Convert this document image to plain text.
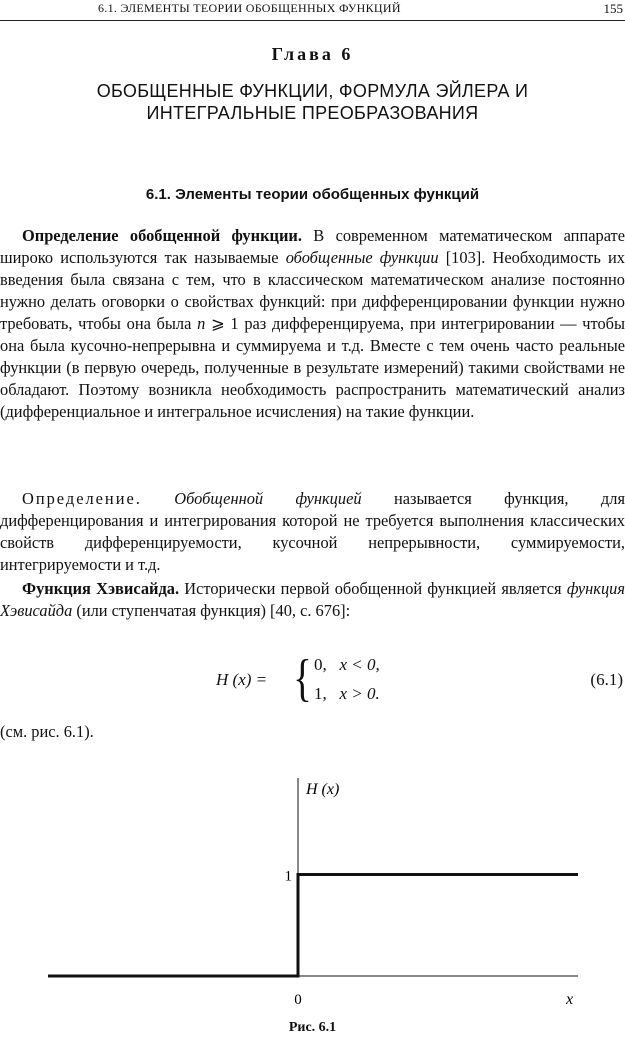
6.1. ЭЛЕМЕНТЫ ТЕОРИИ ОБОБЩЕННЫХ ФУНКЦИЙ	155
Глава 6
ОБОБЩЕННЫЕ ФУНКЦИИ, ФОРМУЛА ЭЙЛЕРА И
ИНТЕГРАЛЬНЫЕ ПРЕОБРАЗОВАНИЯ
6.1. Элементы теории обобщенных функций
Определение обобщенной функции. В современном математическом аппарате широко используются так называемые обобщенные функции [103]. Необходимость их введения была связана с тем, что в классическом математическом анализе постоянно нужно делать оговорки о свойствах функций: при дифференцировании функции нужно требовать, чтобы она была n ⩾ 1 раз дифференцируема, при интегрировании — чтобы она была кусочно-непрерывна и суммируема и т.д. Вместе с тем очень часто реальные функции (в первую очередь, полученные в результате измерений) такими свойствами не обладают. Поэтому возникла необходимость распространить математический анализ (дифференциальное и интегральное исчисления) на такие функции.
Определение. Обобщенной функцией называется функция, для дифференцирования и интегрирования которой не требуется выполнения классических свойств дифференцируемости, кусочной непрерывности, суммируемости, интегрируемости и т.д.
Функция Хэвисайда. Исторически первой обобщенной функцией является функция Хэвисайда (или ступенчатая функция) [40, с. 676]:
H (x) = { 0, x < 0,
1, x > 0.
(6.1)
(см. рис. 6.1).
H (x)
x
0
1
Рис. 6.1
